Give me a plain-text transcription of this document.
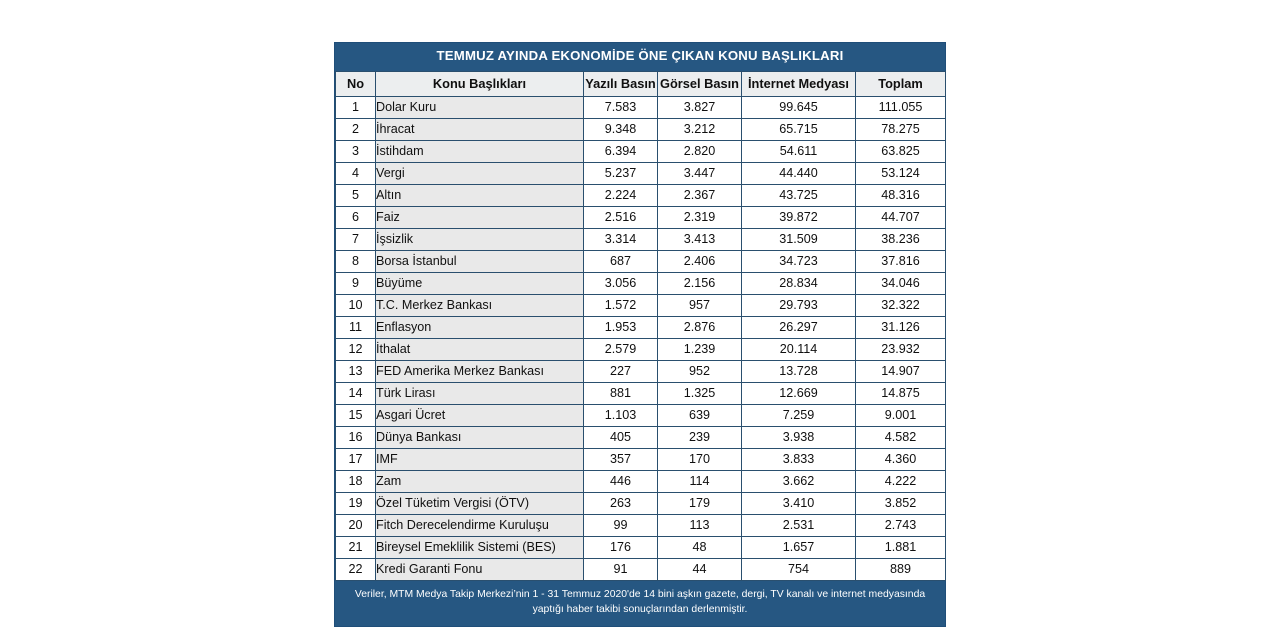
TEMMUZ AYINDA EKONOMİDE ÖNE ÇIKAN KONU BAŞLIKLARI
No	Konu Başlıkları	Yazılı Basın	Görsel Basın	İnternet Medyası	Toplam
1	Dolar Kuru	7.583	3.827	99.645	111.055
2	İhracat	9.348	3.212	65.715	78.275
3	İstihdam	6.394	2.820	54.611	63.825
4	Vergi	5.237	3.447	44.440	53.124
5	Altın	2.224	2.367	43.725	48.316
6	Faiz	2.516	2.319	39.872	44.707
7	İşsizlik	3.314	3.413	31.509	38.236
8	Borsa İstanbul	687	2.406	34.723	37.816
9	Büyüme	3.056	2.156	28.834	34.046
10	T.C. Merkez Bankası	1.572	957	29.793	32.322
11	Enflasyon	1.953	2.876	26.297	31.126
12	İthalat	2.579	1.239	20.114	23.932
13	FED Amerika Merkez Bankası	227	952	13.728	14.907
14	Türk Lirası	881	1.325	12.669	14.875
15	Asgari Ücret	1.103	639	7.259	9.001
16	Dünya Bankası	405	239	3.938	4.582
17	IMF	357	170	3.833	4.360
18	Zam	446	114	3.662	4.222
19	Özel Tüketim Vergisi (ÖTV)	263	179	3.410	3.852
20	Fitch Derecelendirme Kuruluşu	99	113	2.531	2.743
21	Bireysel Emeklilik Sistemi (BES)	176	48	1.657	1.881
22	Kredi Garanti Fonu	91	44	754	889
Veriler, MTM Medya Takip Merkezi’nin 1 - 31 Temmuz 2020'de 14 bini aşkın gazete, dergi, TV kanalı ve internet medyasında yaptığı haber takibi sonuçlarından derlenmiştir.
